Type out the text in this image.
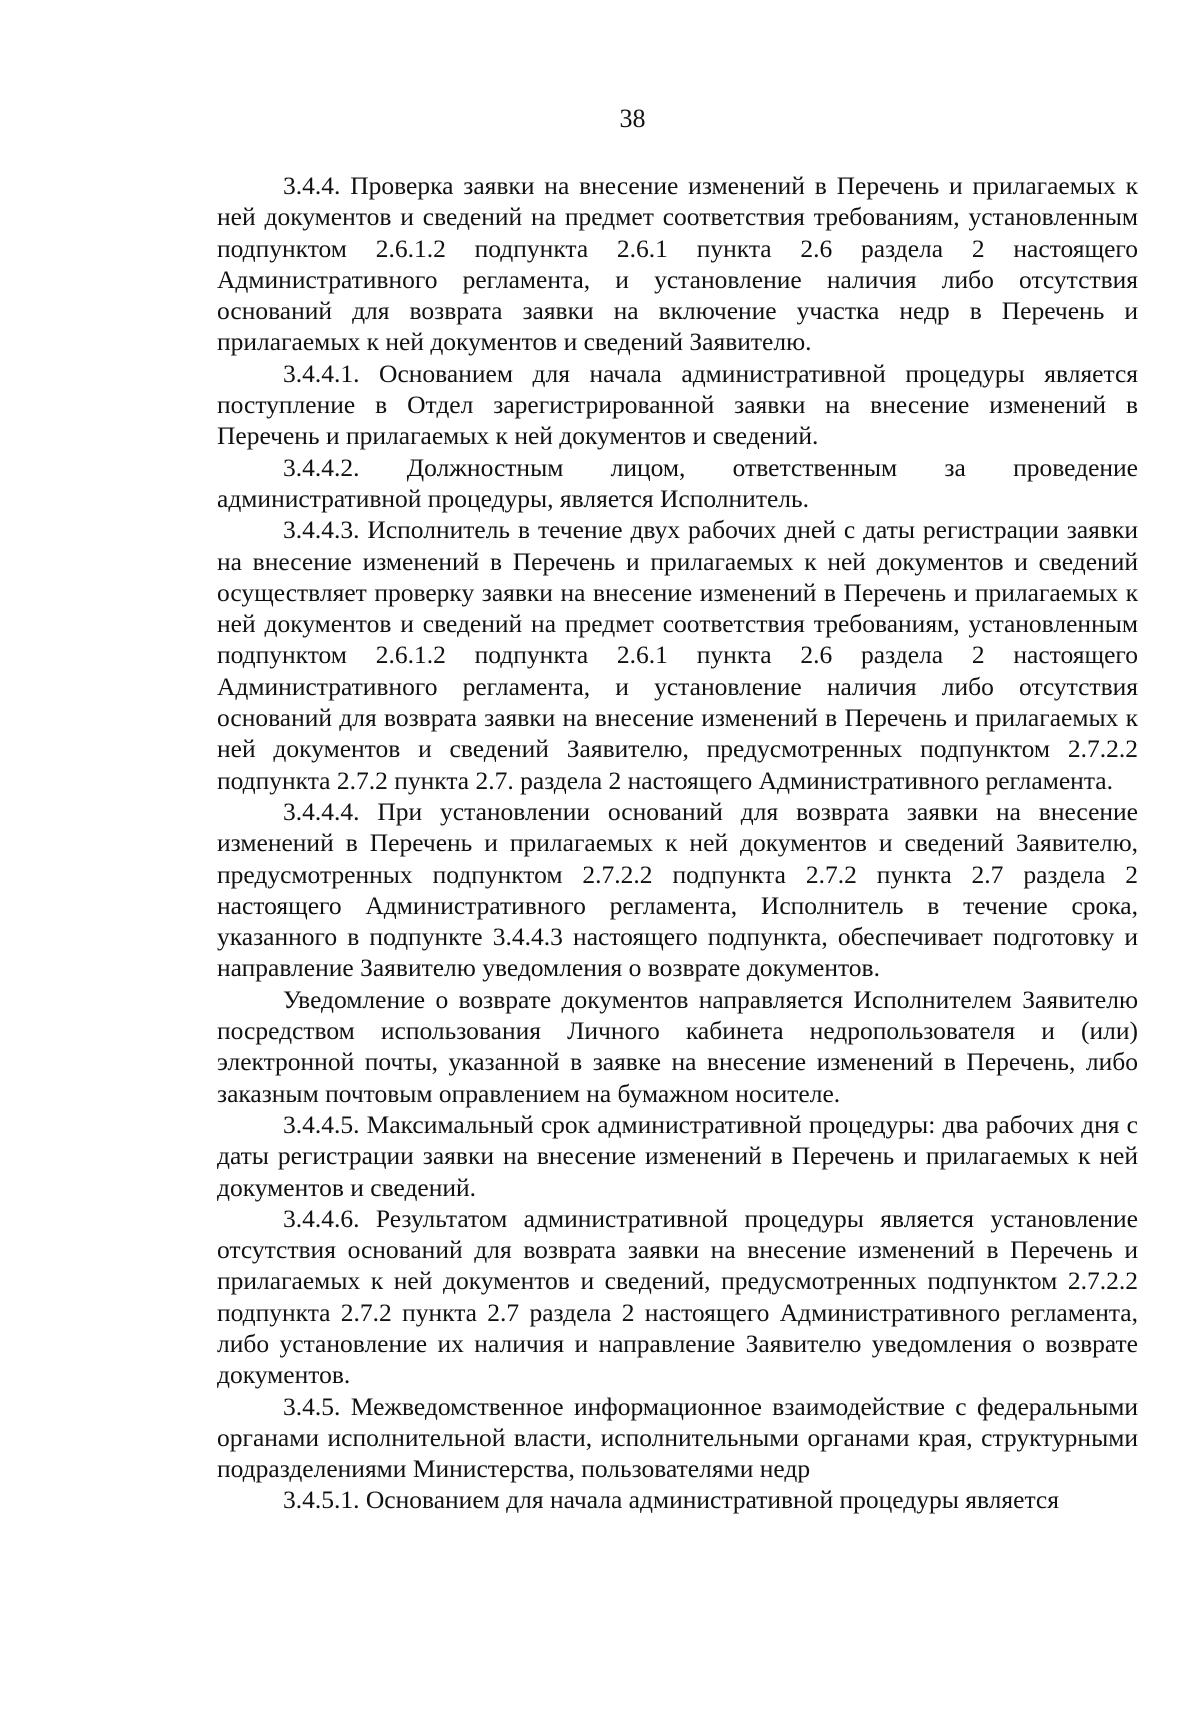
38

3.4.4. Проверка заявки на внесение изменений в Перечень и прилагаемых к ней документов и сведений на предмет соответствия требованиям, установленным подпунктом 2.6.1.2 подпункта 2.6.1 пункта 2.6 раздела 2 настоящего Административного регламента, и установление наличия либо отсутствия оснований для возврата заявки на включение участка недр в Перечень и прилагаемых к ней документов и сведений Заявителю.

3.4.4.1. Основанием для начала административной процедуры является поступление в Отдел зарегистрированной заявки на внесение изменений в Перечень и прилагаемых к ней документов и сведений.

3.4.4.2. Должностным лицом, ответственным за проведение административной процедуры, является Исполнитель.

3.4.4.3. Исполнитель в течение двух рабочих дней с даты регистрации заявки на внесение изменений в Перечень и прилагаемых к ней документов и сведений осуществляет проверку заявки на внесение изменений в Перечень и прилагаемых к ней документов и сведений на предмет соответствия требованиям, установленным подпунктом 2.6.1.2 подпункта 2.6.1 пункта 2.6 раздела 2 настоящего Административного регламента, и установление наличия либо отсутствия оснований для возврата заявки на внесение изменений в Перечень и прилагаемых к ней документов и сведений Заявителю, предусмотренных подпунктом 2.7.2.2 подпункта 2.7.2 пункта 2.7. раздела 2 настоящего Административного регламента.

3.4.4.4. При установлении оснований для возврата заявки на внесение изменений в Перечень и прилагаемых к ней документов и сведений Заявителю, предусмотренных подпунктом 2.7.2.2 подпункта 2.7.2 пункта 2.7 раздела 2 настоящего Административного регламента, Исполнитель в течение срока, указанного в подпункте 3.4.4.3 настоящего подпункта, обеспечивает подготовку и направление Заявителю уведомления о возврате документов.

Уведомление о возврате документов направляется Исполнителем Заявителю посредством использования Личного кабинета недропользователя и (или) электронной почты, указанной в заявке на внесение изменений в Перечень, либо заказным почтовым оправлением на бумажном носителе.

3.4.4.5. Максимальный срок административной процедуры: два рабочих дня с даты регистрации заявки на внесение изменений в Перечень и прилагаемых к ней документов и сведений.

3.4.4.6. Результатом административной процедуры является установление отсутствия оснований для возврата заявки на внесение изменений в Перечень и прилагаемых к ней документов и сведений, предусмотренных подпунктом 2.7.2.2 подпункта 2.7.2 пункта 2.7 раздела 2 настоящего Административного регламента, либо установление их наличия и направление Заявителю уведомления о возврате документов.

3.4.5. Межведомственное информационное взаимодействие с федеральными органами исполнительной власти, исполнительными органами края, структурными подразделениями Министерства, пользователями недр

3.4.5.1. Основанием для начала административной процедуры является
